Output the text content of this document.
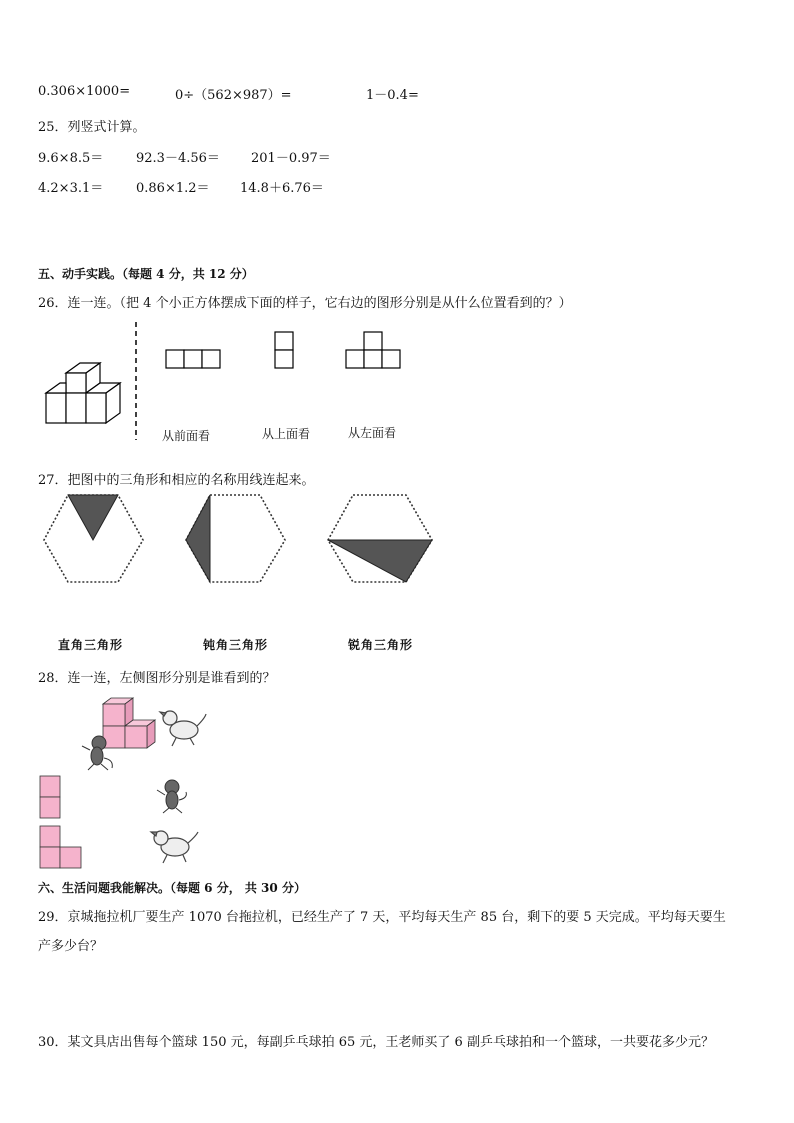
0.306×1000=	0÷（562×987）=	1－0.4=
25．列竖式计算。
9.6×8.5＝	92.3－4.56＝ 201－0.97＝
4.2×3.1＝	0.86×1.2＝ 14.8＋6.76＝
五、动手实践。（每题 4 分，共 12 分）
26．连一连。（把 4 个小正方体摆成下面的样子，它右边的图形分别是从什么位置看到的？）
从前面看	从上面看	从左面看
27．把图中的三角形和相应的名称用线连起来。
直角三角形	钝角三角形	锐角三角形
28．连一连，左侧图形分别是谁看到的？
六、生活问题我能解决。（每题 6 分， 共 30 分）
29．京城拖拉机厂要生产 1070 台拖拉机，已经生产了 7 天，平均每天生产 85 台，剩下的要 5 天完成。平均每天要生
产多少台？
30．某文具店出售每个篮球 150 元，每副乒乓球拍 65 元，王老师买了 6 副乒乓球拍和一个篮球，一共要花多少元？
